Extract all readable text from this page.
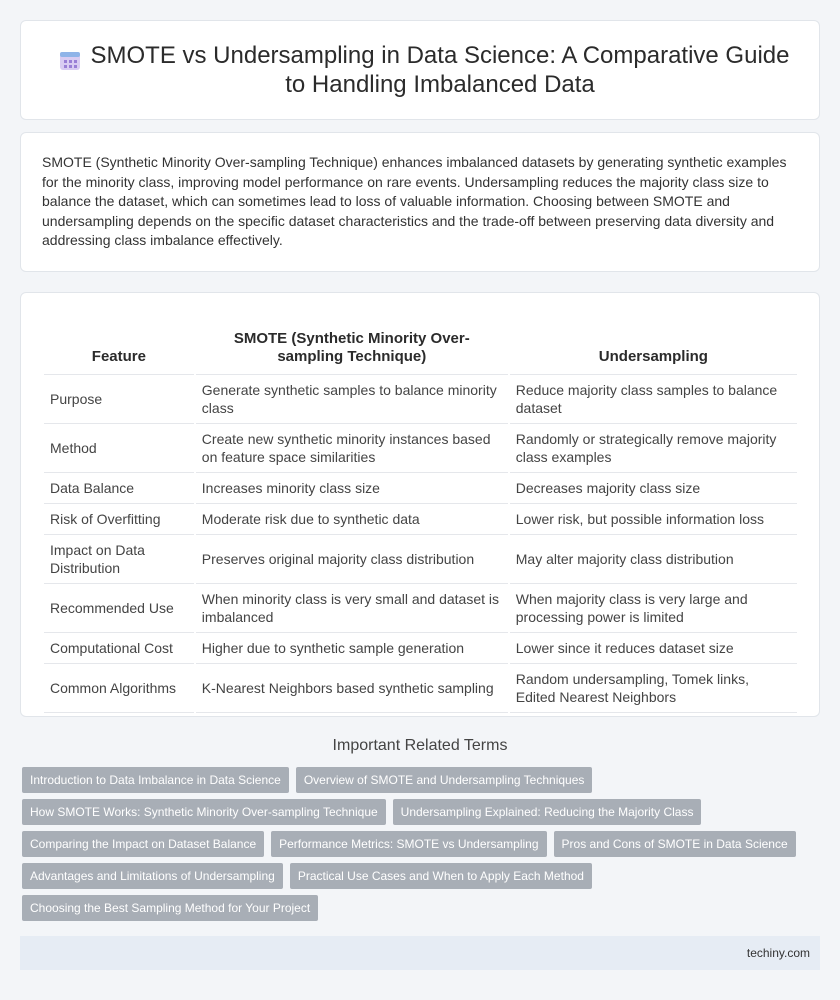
SMOTE vs Undersampling in Data Science: A Comparative Guide to Handling Imbalanced Data

SMOTE (Synthetic Minority Over-sampling Technique) enhances imbalanced datasets by generating synthetic examples for the minority class, improving model performance on rare events. Undersampling reduces the majority class size to balance the dataset, which can sometimes lead to loss of valuable information. Choosing between SMOTE and undersampling depends on the specific dataset characteristics and the trade-off between preserving data diversity and addressing class imbalance effectively.

Feature	SMOTE (Synthetic Minority Over-sampling Technique)	Undersampling
Purpose	Generate synthetic samples to balance minority class	Reduce majority class samples to balance dataset
Method	Create new synthetic minority instances based on feature space similarities	Randomly or strategically remove majority class examples
Data Balance	Increases minority class size	Decreases majority class size
Risk of Overfitting	Moderate risk due to synthetic data	Lower risk, but possible information loss
Impact on Data Distribution	Preserves original majority class distribution	May alter majority class distribution
Recommended Use	When minority class is very small and dataset is imbalanced	When majority class is very large and processing power is limited
Computational Cost	Higher due to synthetic sample generation	Lower since it reduces dataset size
Common Algorithms	K-Nearest Neighbors based synthetic sampling	Random undersampling, Tomek links, Edited Nearest Neighbors
Important Related Terms
Introduction to Data Imbalance in Data Science	Overview of SMOTE and Undersampling Techniques
How SMOTE Works: Synthetic Minority Over-sampling Technique	Undersampling Explained: Reducing the Majority Class
Comparing the Impact on Dataset Balance	Performance Metrics: SMOTE vs Undersampling	Pros and Cons of SMOTE in Data Science
Advantages and Limitations of Undersampling	Practical Use Cases and When to Apply Each Method
Choosing the Best Sampling Method for Your Project
techiny.com
